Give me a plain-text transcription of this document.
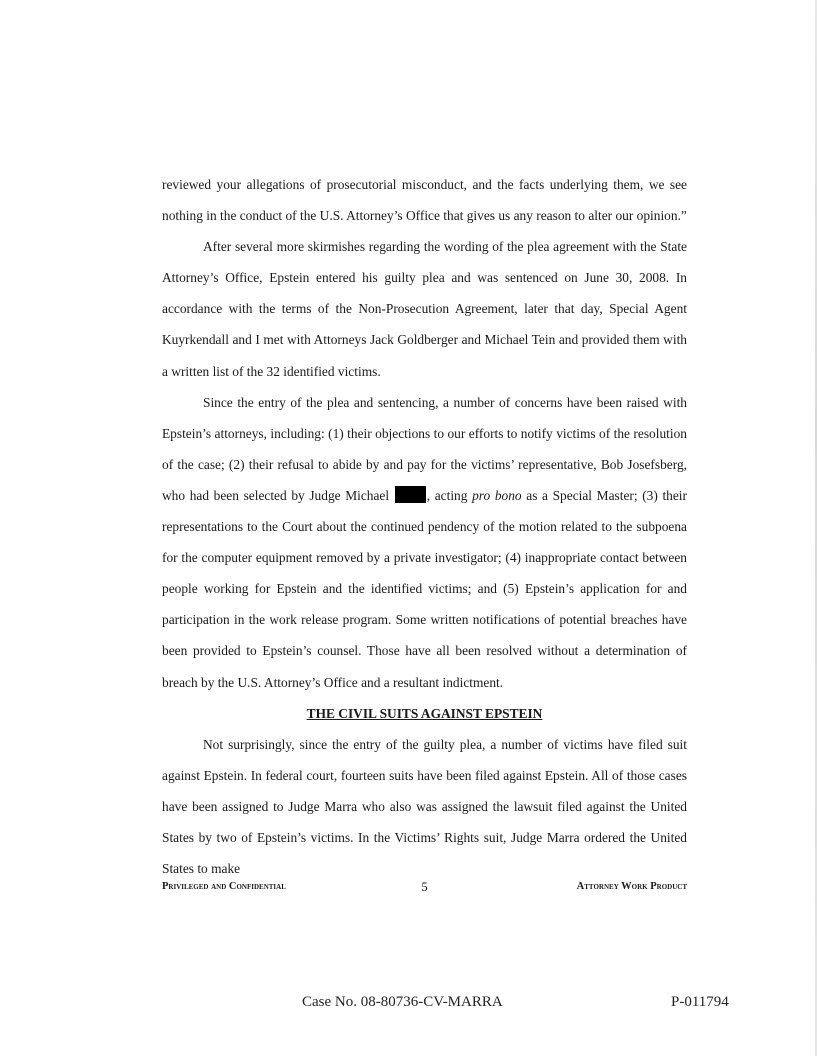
reviewed your allegations of prosecutorial misconduct, and the facts underlying them, we see nothing in the conduct of the U.S. Attorney’s Office that gives us any reason to alter our opinion.”

After several more skirmishes regarding the wording of the plea agreement with the State Attorney’s Office, Epstein entered his guilty plea and was sentenced on June 30, 2008. In accordance with the terms of the Non-Prosecution Agreement, later that day, Special Agent Kuyrkendall and I met with Attorneys Jack Goldberger and Michael Tein and provided them with a written list of the 32 identified victims.

Since the entry of the plea and sentencing, a number of concerns have been raised with Epstein’s attorneys, including: (1) their objections to our efforts to notify victims of the resolution of the case; (2) their refusal to abide by and pay for the victims’ representative, Bob Josefsberg, who had been selected by Judge Michael	, acting pro bono as a Special Master; (3) their representations to the Court about the continued pendency of the motion related to the subpoena for the computer equipment removed by a private investigator; (4) inappropriate contact between people working for Epstein and the identified victims; and (5) Epstein’s application for and participation in the work release program. Some written notifications of potential breaches have been provided to Epstein’s counsel. Those have all been resolved without a determination of breach by the U.S. Attorney’s Office and a resultant indictment.

THE CIVIL SUITS AGAINST EPSTEIN

Not surprisingly, since the entry of the guilty plea, a number of victims have filed suit against Epstein. In federal court, fourteen suits have been filed against Epstein. All of those cases have been assigned to Judge Marra who also was assigned the lawsuit filed against the United States by two of Epstein’s victims. In the Victims’ Rights suit, Judge Marra ordered the United States to make

Privileged and Confidential	5	Attorney Work Product
Case No. 08-80736-CV-MARRA	P-011794
